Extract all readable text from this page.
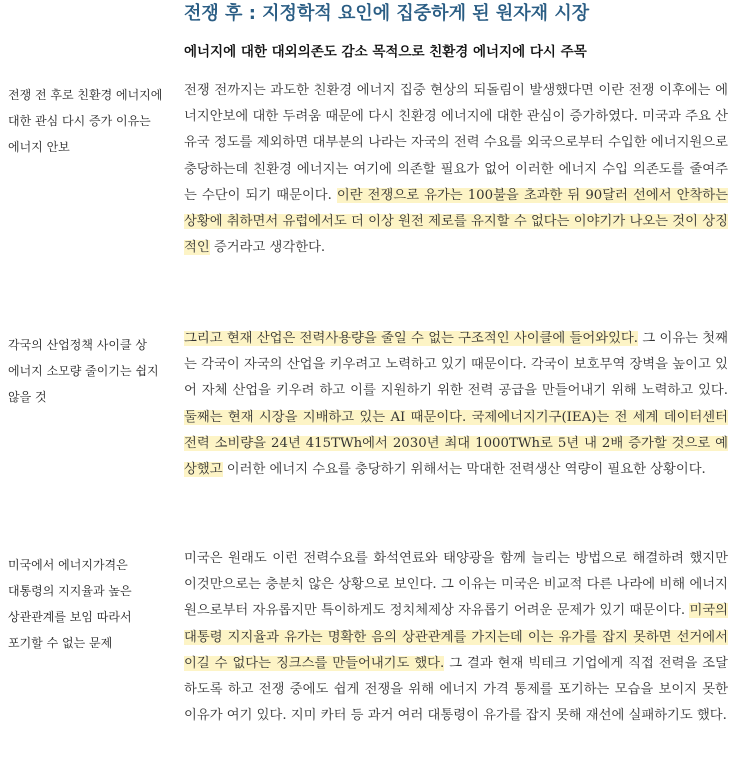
전쟁 후 : 지정학적 요인에 집중하게 된 원자재 시장
에너지에 대한 대외의존도 감소 목적으로 친환경 에너지에 다시 주목
전쟁 전 후로 친환경 에너지에 대한 관심 다시 증가 이유는 에너지 안보
전쟁 전까지는 과도한 친환경 에너지 집중 현상의 되돌림이 발생했다면 이란 전쟁 이후에는 에너지안보에 대한 두려움 때문에 다시 친환경 에너지에 대한 관심이 증가하였다. 미국과 주요 산유국 정도를 제외하면 대부분의 나라는 자국의 전력 수요를 외국으로부터 수입한 에너지원으로 충당하는데 친환경 에너지는 여기에 의존할 필요가 없어 이러한 에너지 수입 의존도를 줄여주는 수단이 되기 때문이다. 이란 전쟁으로 유가는 100불을 초과한 뒤 90달러 선에서 안착하는 상황에 취하면서 유럽에서도 더 이상 원전 제로를 유지할 수 없다는 이야기가 나오는 것이 상징적인 증거라고 생각한다.
각국의 산업정책 사이클 상 에너지 소모량 줄이기는 쉽지 않을 것
그리고 현재 산업은 전력사용량을 줄일 수 없는 구조적인 사이클에 들어와있다. 그 이유는 첫째는 각국이 자국의 산업을 키우려고 노력하고 있기 때문이다. 각국이 보호무역 장벽을 높이고 있어 자체 산업을 키우려 하고 이를 지원하기 위한 전력 공급을 만들어내기 위해 노력하고 있다. 둘째는 현재 시장을 지배하고 있는 AI 때문이다. 국제에너지기구(IEA)는 전 세계 데이터센터 전력 소비량을 24년 415TWh에서 2030년 최대 1000TWh로 5년 내 2배 증가할 것으로 예상했고 이러한 에너지 수요를 충당하기 위해서는 막대한 전력생산 역량이 필요한 상황이다.
미국에서 에너지가격은 대통령의 지지율과 높은 상관관계를 보임 따라서 포기할 수 없는 문제
미국은 원래도 이런 전력수요를 화석연료와 태양광을 함께 늘리는 방법으로 해결하려 했지만 이것만으로는 충분치 않은 상황으로 보인다. 그 이유는 미국은 비교적 다른 나라에 비해 에너지원으로부터 자유롭지만 특이하게도 정치체제상 자유롭기 어려운 문제가 있기 때문이다. 미국의 대통령 지지율과 유가는 명확한 음의 상관관계를 가지는데 이는 유가를 잡지 못하면 선거에서 이길 수 없다는 징크스를 만들어내기도 했다. 그 결과 현재 빅테크 기업에게 직접 전력을 조달하도록 하고 전쟁 중에도 쉽게 전쟁을 위해 에너지 가격 통제를 포기하는 모습을 보이지 못한 이유가 여기 있다. 지미 카터 등 과거 여러 대통령이 유가를 잡지 못해 재선에 실패하기도 했다.
